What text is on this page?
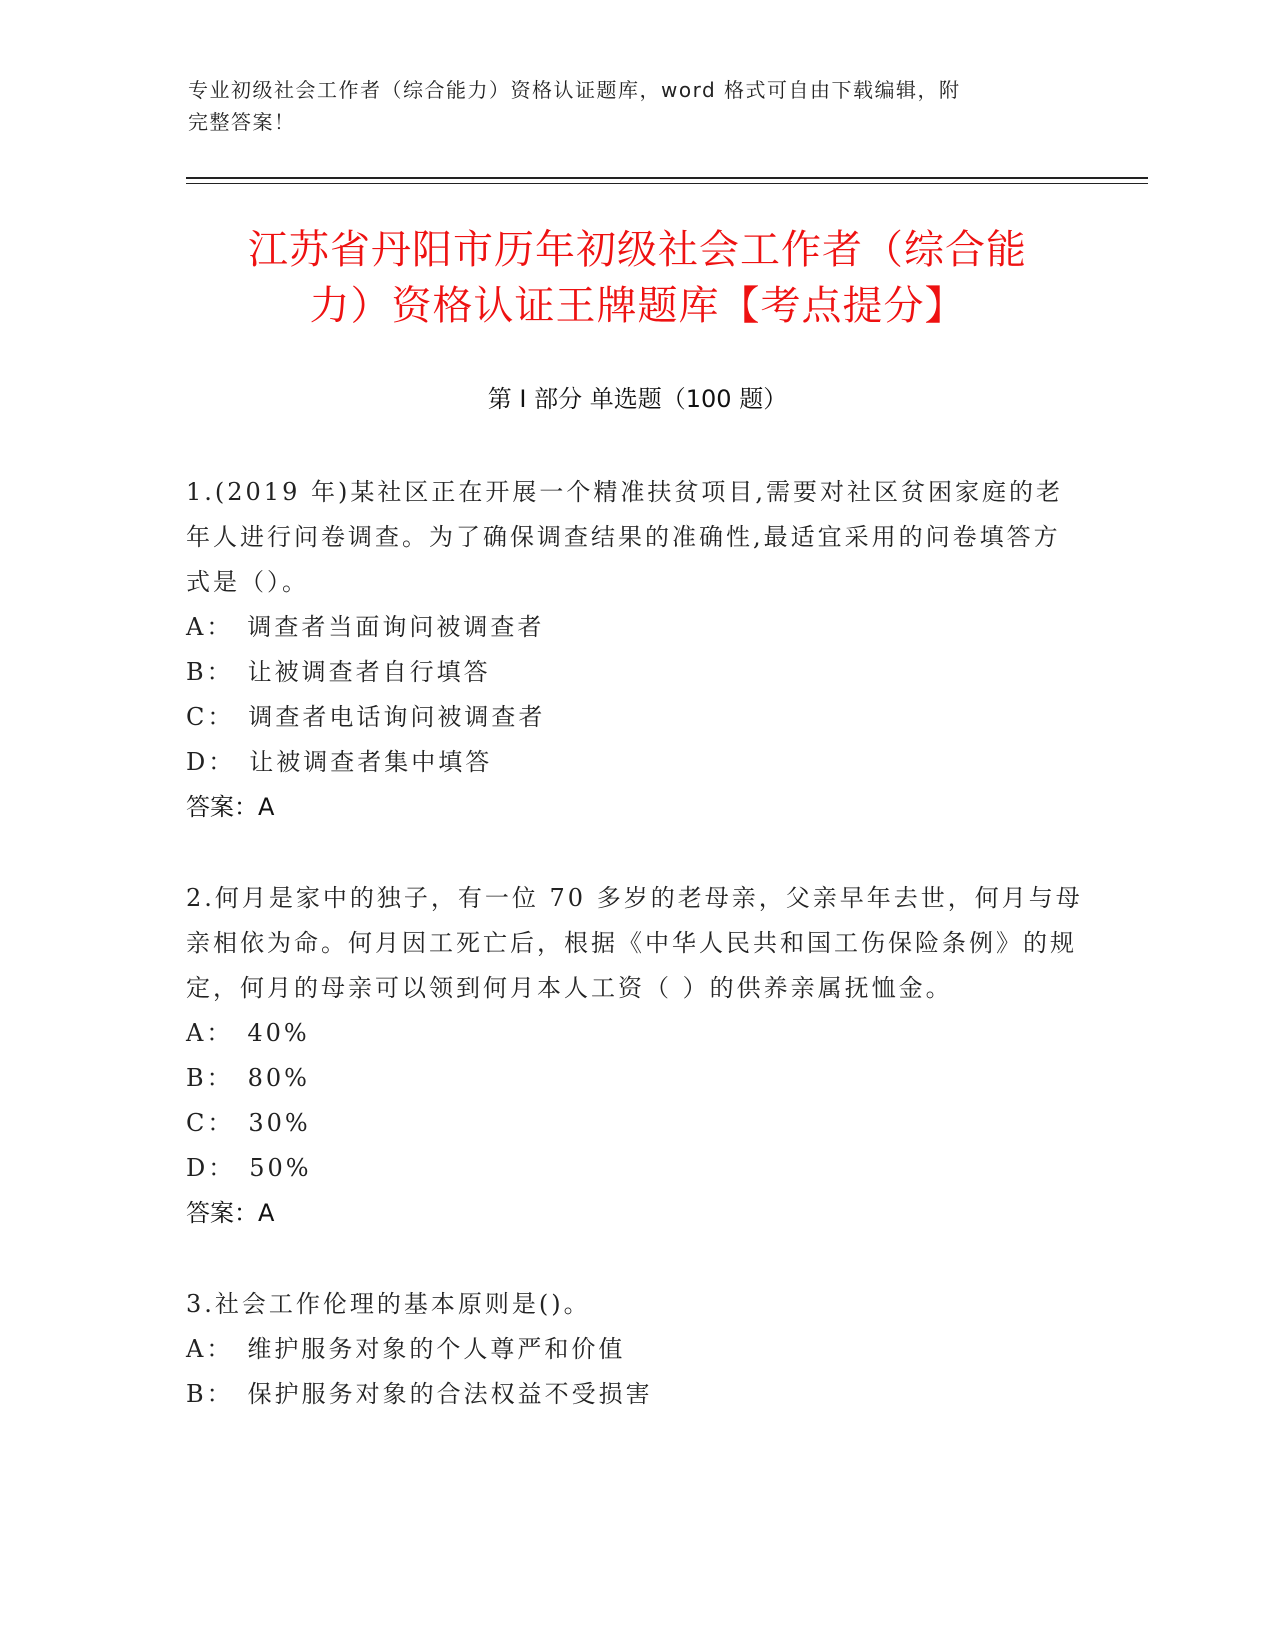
专业初级社会工作者（综合能力）资格认证题库，word 格式可自由下载编辑，附
完整答案！
江苏省丹阳市历年初级社会工作者（综合能
力）资格认证王牌题库【考点提分】
第 I 部分 单选题（100 题）
1.(2019 年)某社区正在开展一个精准扶贫项目,需要对社区贫困家庭的老年人进行问卷调查。为了确保调查结果的准确性,最适宜采用的问卷填答方式是（）。
A： 调查者当面询问被调查者
B： 让被调查者自行填答
C： 调查者电话询问被调查者
D： 让被调查者集中填答
答案：A
2.何月是家中的独子，有一位 70 多岁的老母亲，父亲早年去世，何月与母亲相依为命。何月因工死亡后，根据《中华人民共和国工伤保险条例》的规定，何月的母亲可以领到何月本人工资（ ）的供养亲属抚恤金。
A： 40%
B： 80%
C： 30%
D： 50%
答案：A
3.社会工作伦理的基本原则是()。
A： 维护服务对象的个人尊严和价值
B： 保护服务对象的合法权益不受损害
